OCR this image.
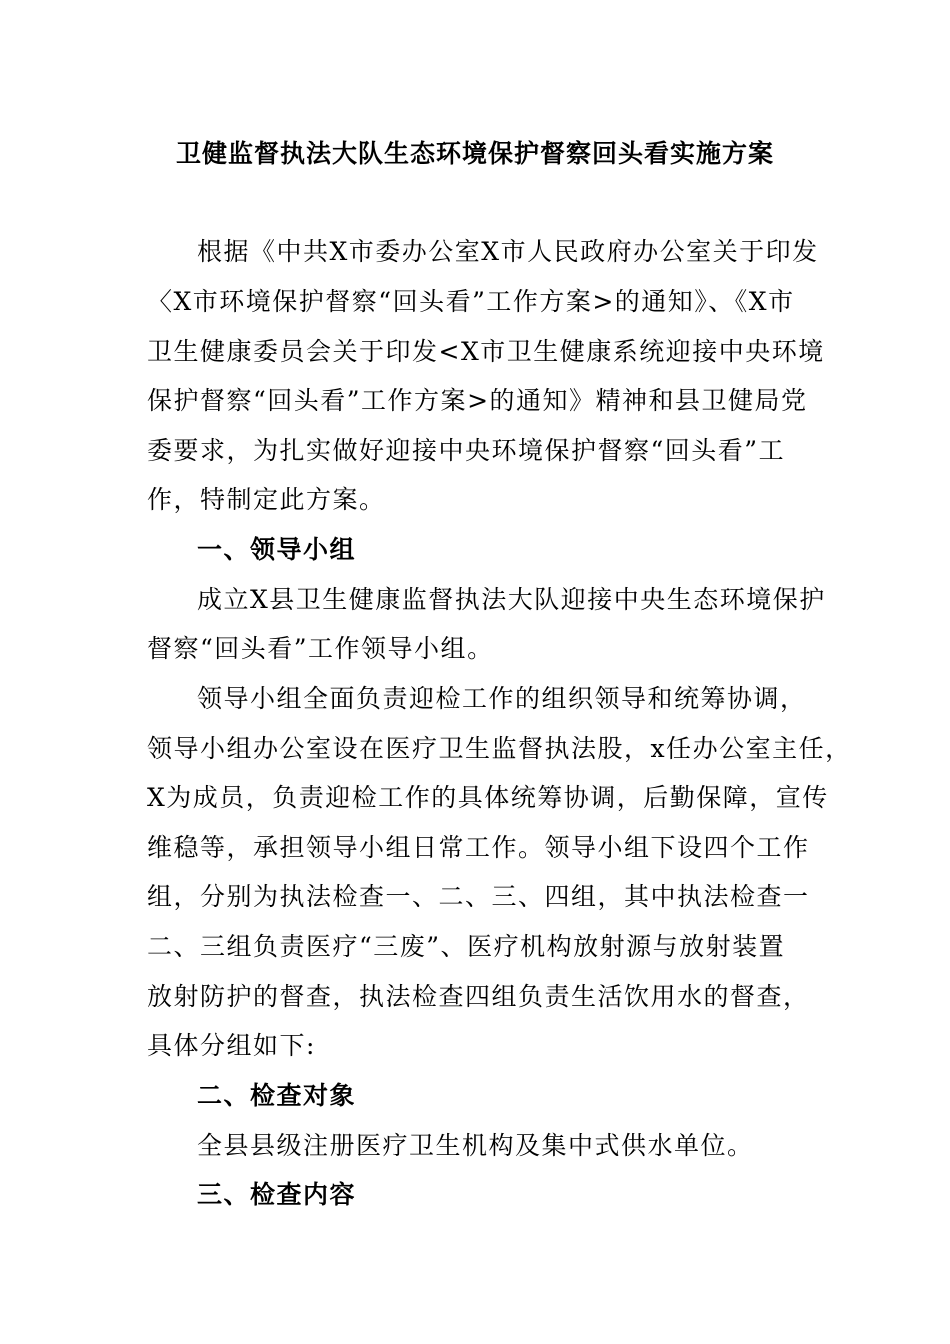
卫健监督执法大队生态环境保护督察回头看实施方案

根据《中共X市委办公室X市人民政府办公室关于印发

〈X市环境保护督察“回头看”工作方案>的通知》、《X市

卫生健康委员会关于印发<X市卫生健康系统迎接中央环境

保护督察“回头看”工作方案>的通知》精神和县卫健局党

委要求，为扎实做好迎接中央环境保护督察“回头看”工

作，特制定此方案。

一、领导小组

成立X县卫生健康监督执法大队迎接中央生态环境保护

督察“回头看”工作领导小组。

领导小组全面负责迎检工作的组织领导和统筹协调，

领导小组办公室设在医疗卫生监督执法股，x任办公室主任，

X为成员，负责迎检工作的具体统筹协调，后勤保障，宣传

维稳等，承担领导小组日常工作。领导小组下设四个工作

组，分别为执法检查一、二、三、四组，其中执法检查一

二、三组负责医疗“三废”、医疗机构放射源与放射装置

放射防护的督查，执法检查四组负责生活饮用水的督查，

具体分组如下:

二、检查对象

全县县级注册医疗卫生机构及集中式供水单位。

三、检查内容
